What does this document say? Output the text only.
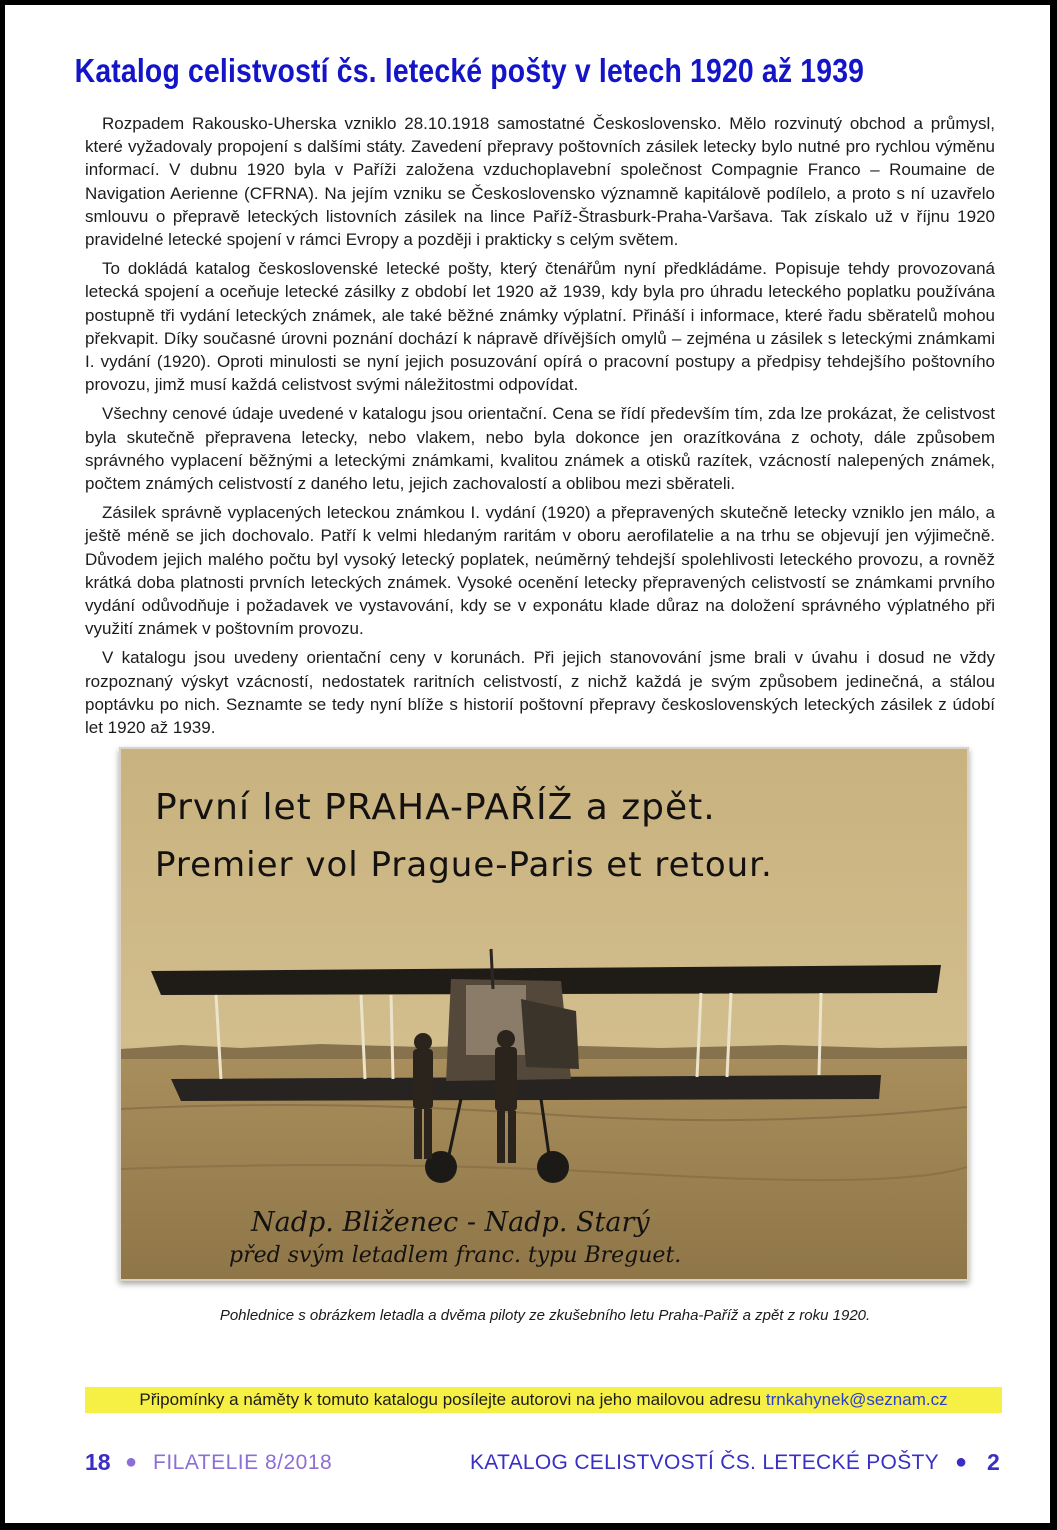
Katalog celistvostí čs. letecké pošty v letech 1920 až 1939

Rozpadem Rakousko-Uherska vzniklo 28.10.1918 samostatné Československo. Mělo rozvinutý obchod a průmysl, které vyžadovaly propojení s dalšími státy. Zavedení přepravy poštovních zásilek letecky bylo nutné pro rychlou výměnu informací. V dubnu 1920 byla v Paříži založena vzduchoplavební společnost Compagnie Franco – Roumaine de Navigation Aerienne (CFRNA). Na jejím vzniku se Československo významně kapitálově podílelo, a proto s ní uzavřelo smlouvu o přepravě leteckých listovních zásilek na lince Paříž-Štrasburk-Praha-Varšava. Tak získalo už v říjnu 1920 pravidelné letecké spojení v rámci Evropy a později i prakticky s celým světem.

To dokládá katalog československé letecké pošty, který čtenářům nyní předkládáme. Popisuje tehdy provozovaná letecká spojení a oceňuje letecké zásilky z období let 1920 až 1939, kdy byla pro úhradu leteckého poplatku používána postupně tři vydání leteckých známek, ale také běžné známky výplatní. Přináší i informace, které řadu sběratelů mohou překvapit. Díky současné úrovni poznání dochází k nápravě dřívějších omylů – zejména u zásilek s leteckými známkami I. vydání (1920). Oproti minulosti se nyní jejich posuzování opírá o pracovní postupy a předpisy tehdejšího poštovního provozu, jimž musí každá celistvost svými náležitostmi odpovídat.

Všechny cenové údaje uvedené v katalogu jsou orientační. Cena se řídí především tím, zda lze prokázat, že celistvost byla skutečně přepravena letecky, nebo vlakem, nebo byla dokonce jen orazítkována z ochoty, dále způsobem správného vyplacení běžnými a leteckými známkami, kvalitou známek a otisků razítek, vzácností nalepených známek, počtem známých celistvostí z daného letu, jejich zachovalostí a oblibou mezi sběrateli.

Zásilek správně vyplacených leteckou známkou I. vydání (1920) a přepravených skutečně letecky vzniklo jen málo, a ještě méně se jich dochovalo. Patří k velmi hledaným raritám v oboru aerofilatelie a na trhu se objevují jen výjimečně. Důvodem jejich malého počtu byl vysoký letecký poplatek, neúměrný tehdejší spolehlivosti leteckého provozu, a rovněž krátká doba platnosti prvních leteckých známek. Vysoké ocenění letecky přepravených celistvostí se známkami prvního vydání odůvodňuje i požadavek ve vystavování, kdy se v exponátu klade důraz na doložení správného výplatného při využití známek v poštovním provozu.

V katalogu jsou uvedeny orientační ceny v korunách. Při jejich stanovování jsme brali v úvahu i dosud ne vždy rozpoznaný výskyt vzácností, nedostatek raritních celistvostí, z nichž každá je svým způsobem jedinečná, a stálou poptávku po nich. Seznamte se tedy nyní blíže s historií poštovní přepravy československých leteckých zásilek z údobí let 1920 až 1939.

První let PRAHA-PAŘÍŽ a zpět.
Premier vol Prague-Paris et retour.
Nadp. Bliženec - Nadp. Starý
před svým letadlem franc. typu Breguet.
Pohlednice s obrázkem letadla a dvěma piloty ze zkušebního letu Praha-Paříž a zpět z roku 1920.
Připomínky a náměty k tomuto katalogu posílejte autorovi na jeho mailovou adresu trnkahynek@seznam.cz
18 ● FILATELIE 8/2018	KATALOG CELISTVOSTÍ ČS. LETECKÉ POŠTY ● 2
